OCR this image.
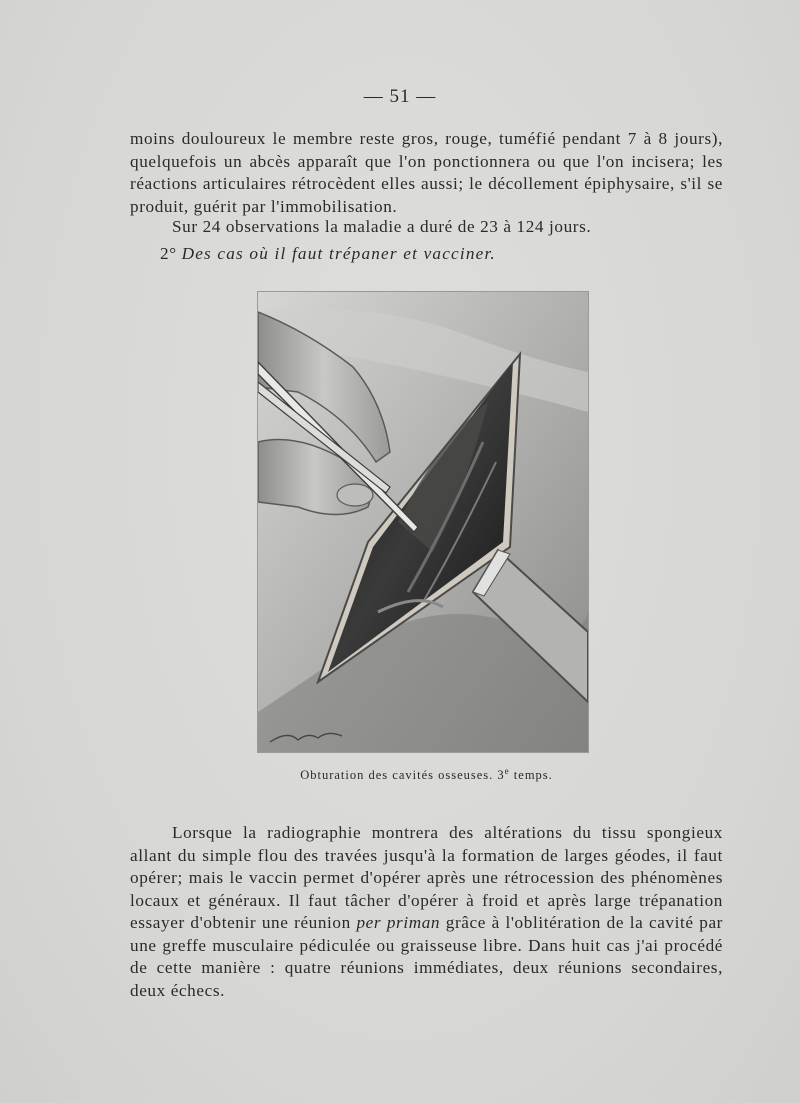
— 51 —
moins douloureux le membre reste gros, rouge, tuméfié pendant 7 à 8 jours), quelquefois un abcès apparaît que l'on ponctionnera ou que l'on incisera; les réactions articulaires rétrocèdent elles aussi; le décollement épiphysaire, s'il se produit, guérit par l'immobilisation.
Sur 24 observations la maladie a duré de 23 à 124 jours.
2° Des cas où il faut trépaner et vacciner.
Obturation des cavités osseuses. 3e temps.
Lorsque la radiographie montrera des altérations du tissu spongieux allant du simple flou des travées jusqu'à la formation de larges géodes, il faut opérer; mais le vaccin permet d'opérer après une rétrocession des phénomènes locaux et généraux. Il faut tâcher d'opérer à froid et après large trépanation essayer d'obtenir une réunion per priman grâce à l'oblitération de la cavité par une greffe musculaire pédiculée ou graisseuse libre. Dans huit cas j'ai procédé de cette manière : quatre réunions immédiates, deux réunions secondaires, deux échecs.
